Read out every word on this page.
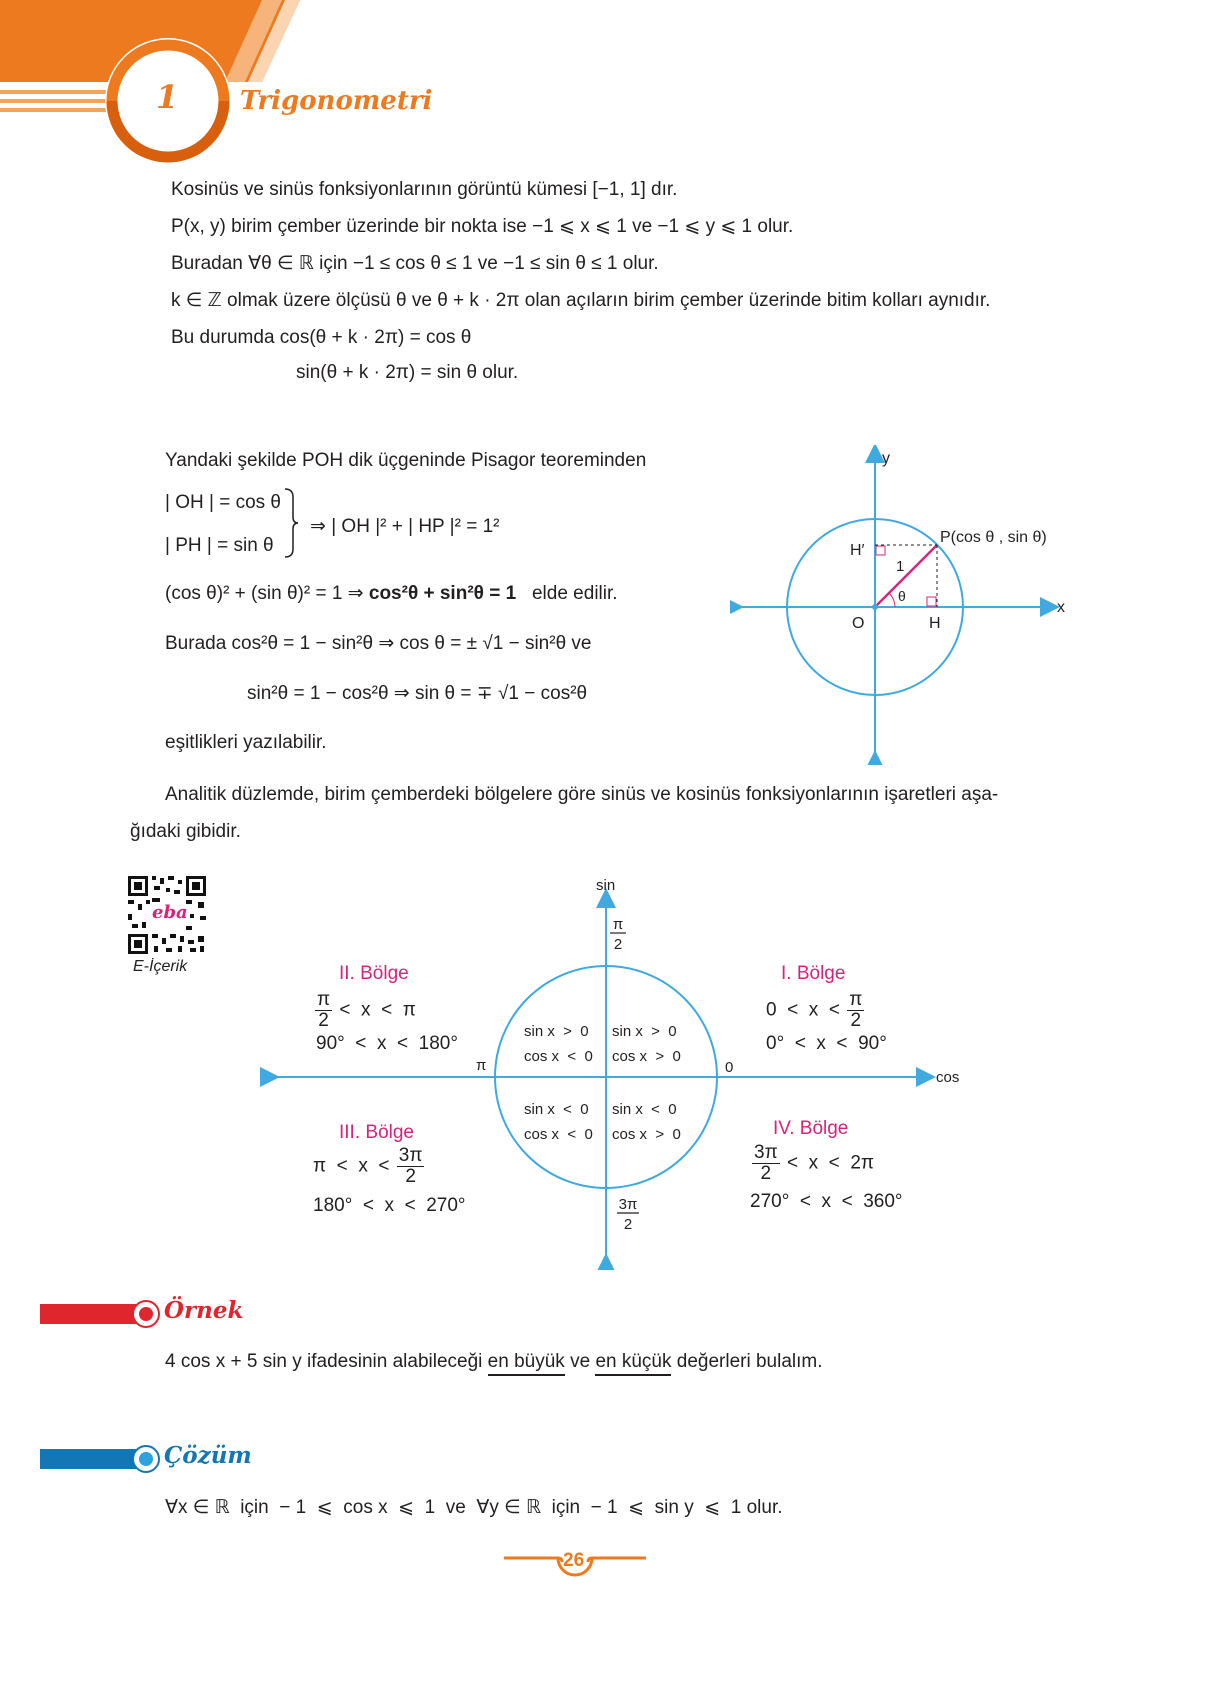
1 Trigonometri
Kosinüs ve sinüs fonksiyonlarının görüntü kümesi [−1, 1] dır.
P(x, y) birim çember üzerinde bir nokta ise −1 ⩽ x ⩽ 1 ve −1 ⩽ y ⩽ 1 olur.
Buradan ∀θ ∈ ℝ için −1 ≤ cos θ ≤ 1 ve −1 ≤ sin θ ≤ 1 olur.
k ∈ ℤ olmak üzere ölçüsü θ ve θ + k · 2π olan açıların birim çember üzerinde bitim kolları aynıdır.
Bu durumda cos(θ + k · 2π) = cos θ
sin(θ + k · 2π) = sin θ olur.
Yandaki şekilde POH dik üçgeninde Pisagor teoreminden
| OH | = cos θ
| PH | = sin θ
⇒ | OH |² + | HP |² = 1²
(cos θ)² + (sin θ)² = 1 ⇒ cos²θ + sin²θ = 1 elde edilir.
Burada cos²θ = 1 − sin²θ ⇒ cos θ = ± √1 − sin²θ ve
sin²θ = 1 − cos²θ ⇒ sin θ = ∓ √1 − cos²θ
eşitlikleri yazılabilir.
y
x
O	H
H′
P(cos θ , sin θ)
1
θ
Analitik düzlemde, birim çemberdeki bölgelere göre sinüs ve kosinüs fonksiyonlarının işaretleri aşa-
ğıdaki gibidir.
eba
E-İçerik
sin
cos
π	0
π
2
3π
2
sin x  >  0
cos x  <  0
sin x  >  0
cos x  >  0
sin x  <  0
cos x  <  0
sin x  <  0
cos x  >  0
II. Bölge
$\frac{\pi}{2} < x < \pi$
90°  <  x  <  180°
I. Bölge
$0 < x < \frac{\pi}{2}$
0°  <  x  <  90°
III. Bölge
$\pi < x < \frac{3\pi}{2}$
180°  <  x  <  270°
IV. Bölge
$\frac{3\pi}{2} < x < 2\pi$
270°  <  x  <  360°
Örnek
4 cos x + 5 sin y ifadesinin alabileceği en büyük ve en küçük değerleri bulalım.
Çözüm
∀x ∈ ℝ  için  − 1  ⩽  cos x  ⩽  1  ve  ∀y ∈ ℝ  için  − 1  ⩽  sin y  ⩽  1 olur.
26
